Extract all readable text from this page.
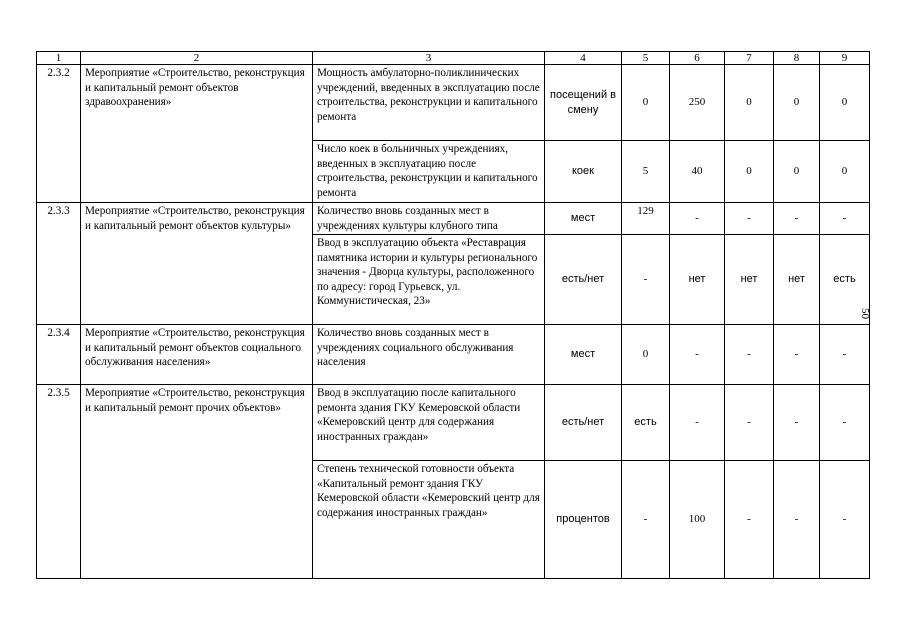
1	2	3	4	5	6	7	8	9
2.3.2	Мероприятие «Строительство, реконструкция и капитальный ремонт объектов здравоохранения»	Мощность амбулаторно-поликлинических учреждений, введенных в эксплуатацию после строительства, реконструкции и капитального ремонта	посещений в смену	0	250	0	0	0
		Число коек в больничных учреждениях, введенных в эксплуатацию после строительства, реконструкции и капитального ремонта	коек	5	40	0	0	0
2.3.3	Мероприятие «Строительство, реконструкция и капитальный ремонт объектов культуры»	Количество вновь созданных мест в учреждениях культуры клубного типа	мест	129	-	-	-	-
		Ввод в эксплуатацию объекта «Реставрация памятника истории и культуры регионального значения - Дворца культуры, расположенного по адресу: город Гурьевск, ул. Коммунистическая, 23»	есть/нет	-	нет	нет	нет	есть
2.3.4	Мероприятие «Строительство, реконструкция и капитальный ремонт объектов социального обслуживания населения»	Количество вновь созданных мест в учреждениях социального обслуживания населения	мест	0	-	-	-	-
2.3.5	Мероприятие «Строительство, реконструкция и капитальный ремонт прочих объектов»	Ввод в эксплуатацию после капитального ремонта здания ГКУ Кемеровской области «Кемеровский центр для содержания иностранных граждан»	есть/нет	есть	-	-	-	-
		Степень технической готовности объекта «Капитальный ремонт здания ГКУ Кемеровской области «Кемеровский центр для содержания иностранных граждан»	процентов	-	100	-	-	-
50
